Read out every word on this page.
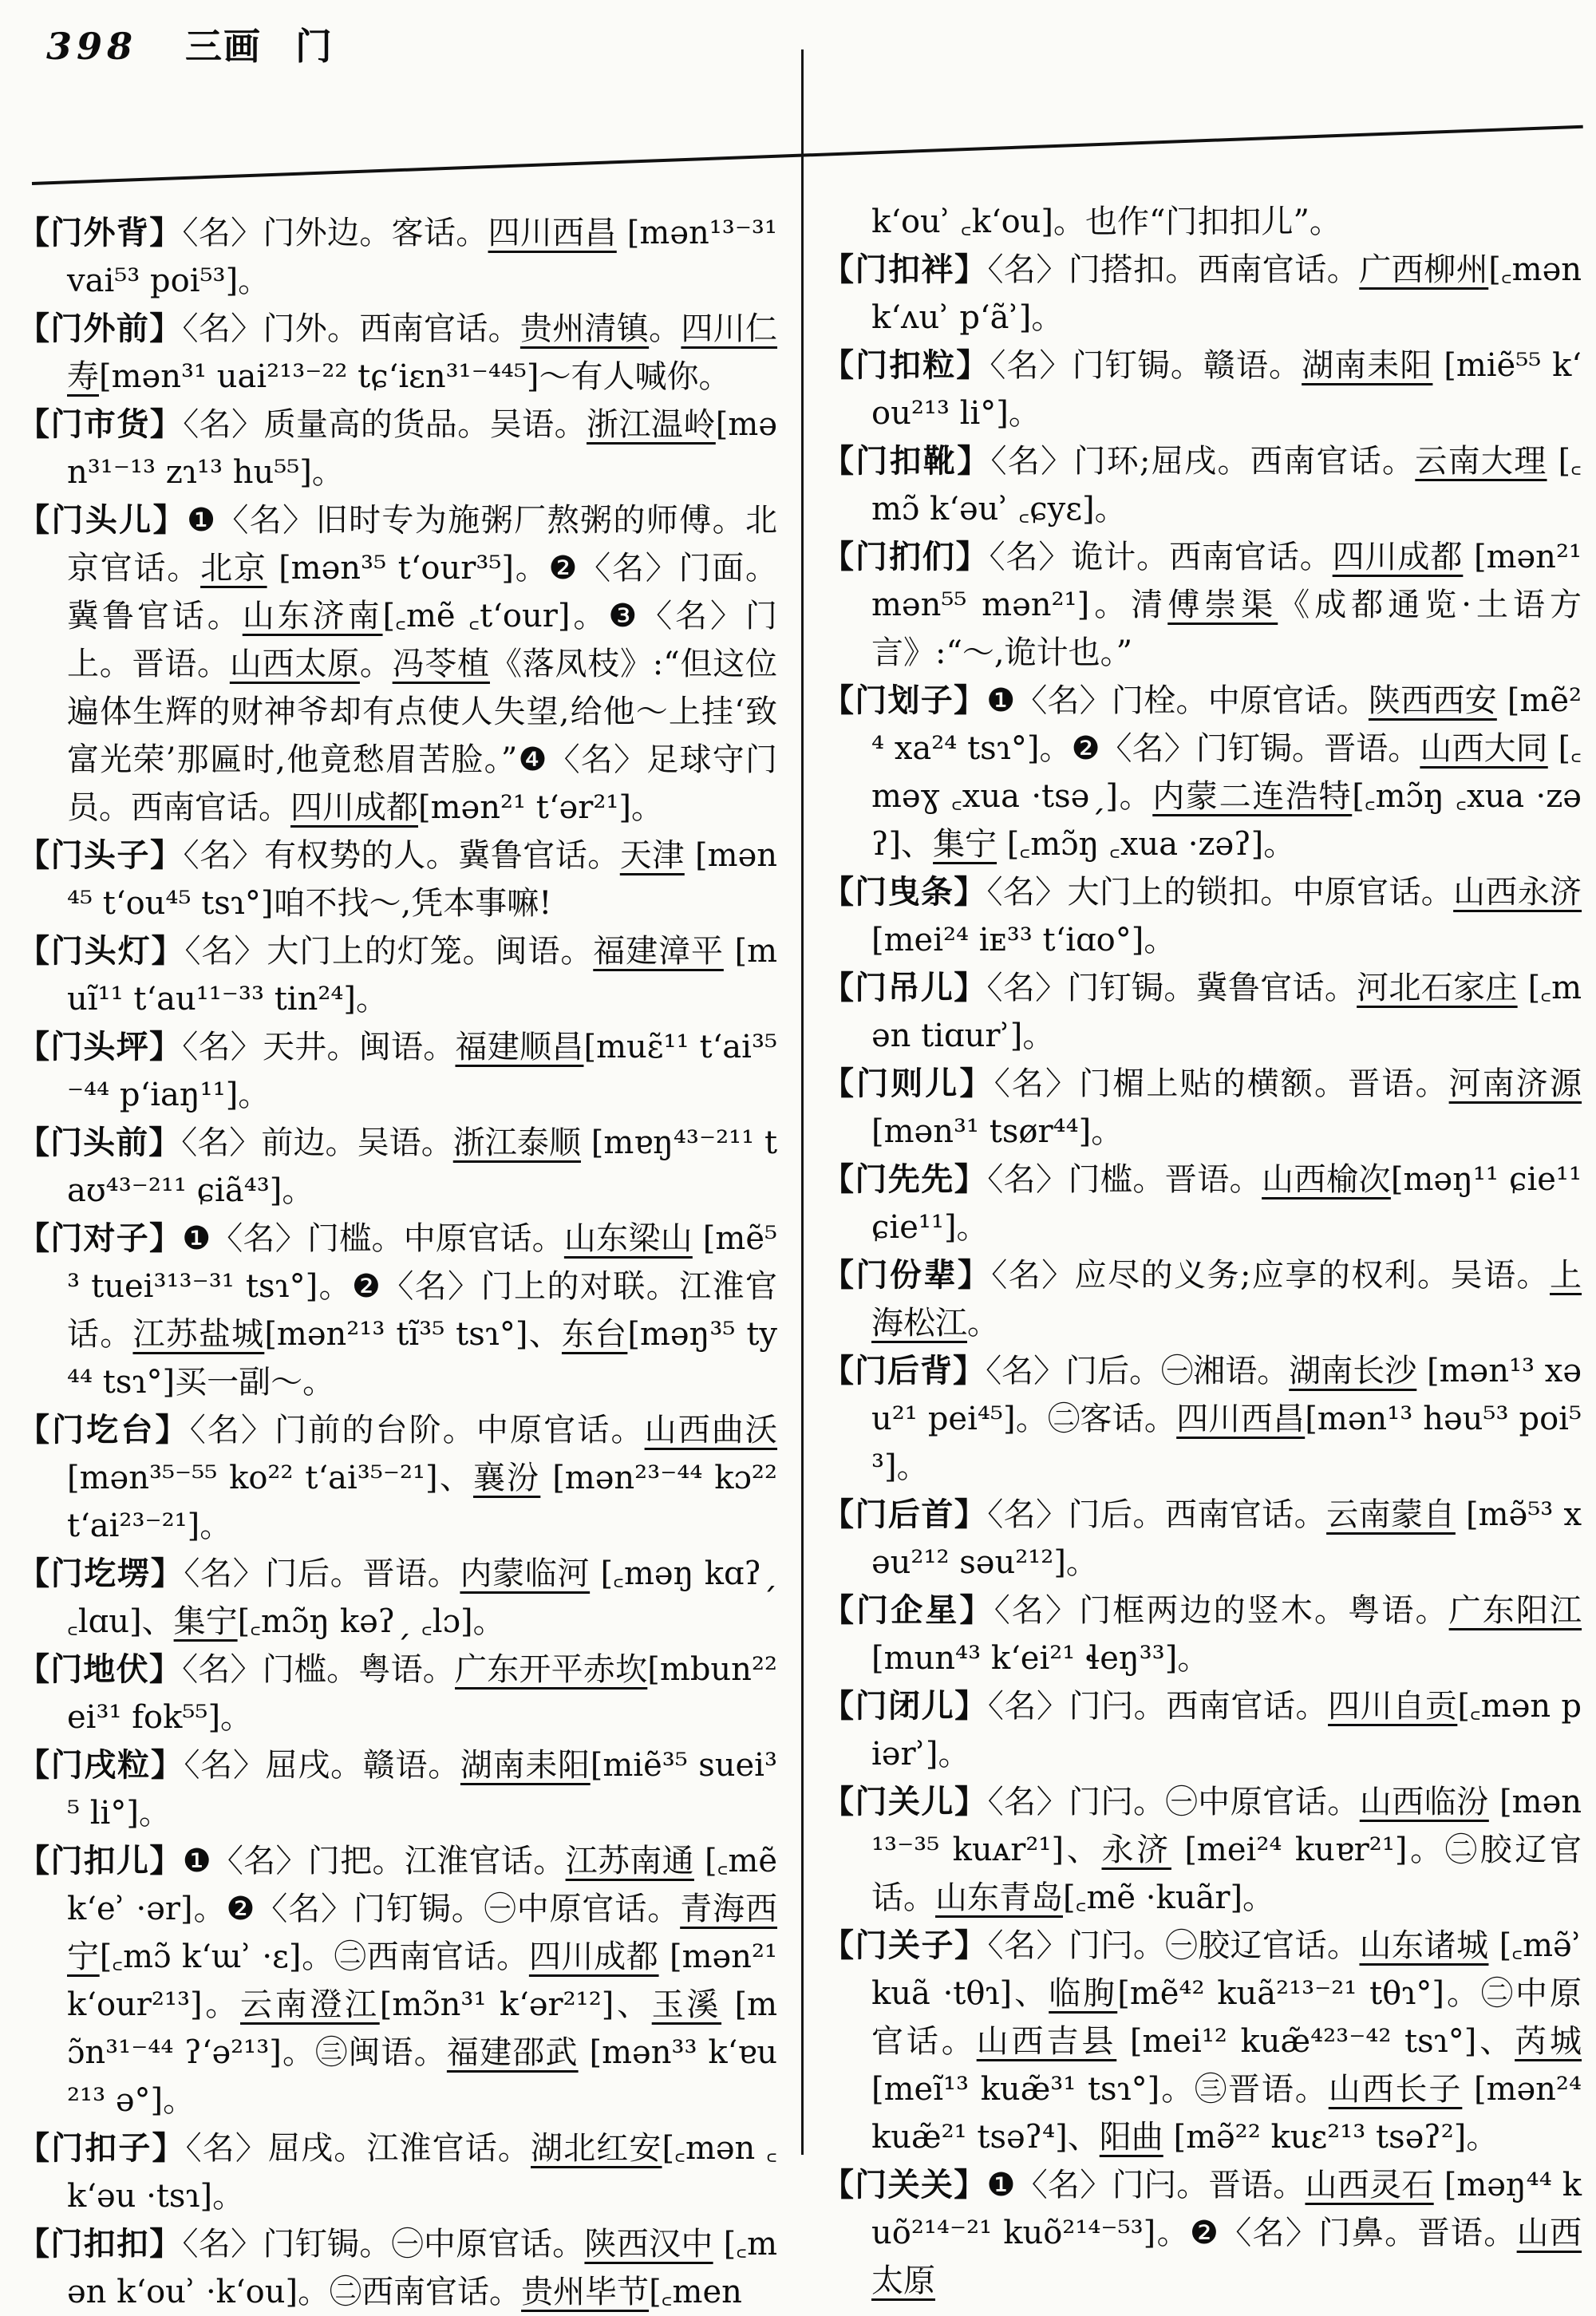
398 三画 门

【门外背】〈名〉门外边。客话。四川西昌 [mən¹³⁻³¹ vai⁵³ poi⁵³]。

【门外前】〈名〉门外。西南官话。贵州清镇。四川仁寿[mən³¹ uai²¹³⁻²² tɕʻiɛn³¹⁻⁴⁴⁵]～有人喊你。

【门市货】〈名〉质量高的货品。吴语。浙江温岭[mən³¹⁻¹³ zɿ¹³ hu⁵⁵]。

【门头儿】❶〈名〉旧时专为施粥厂熬粥的师傅。北京官话。北京 [mən³⁵ tʻour³⁵]。❷〈名〉门面。冀鲁官话。山东济南[꜀mẽ ꜀tʻour]。❸〈名〉门上。晋语。山西太原。冯苓植《落凤枝》:“但这位遍体生辉的财神爷却有点使人失望,给他～上挂‘致富光荣’那匾时,他竟愁眉苦脸。”❹〈名〉足球守门员。西南官话。四川成都[mən²¹ tʻər²¹]。

【门头子】〈名〉有权势的人。冀鲁官话。天津 [mən⁴⁵ tʻou⁴⁵ tsɿ°]咱不找～,凭本事嘛!

【门头灯】〈名〉大门上的灯笼。闽语。福建漳平 [muĩ¹¹ tʻau¹¹⁻³³ tin²⁴]。

【门头坪】〈名〉天井。闽语。福建顺昌[muɛ̃¹¹ tʻai³⁵⁻⁴⁴ pʻiaŋ¹¹]。

【门头前】〈名〉前边。吴语。浙江泰顺 [mɐŋ⁴³⁻²¹¹ taʊ⁴³⁻²¹¹ ɕiã⁴³]。

【门对子】❶〈名〉门槛。中原官话。山东梁山 [mẽ⁵³ tuei³¹³⁻³¹ tsɿ°]。❷〈名〉门上的对联。江淮官话。江苏盐城[mən²¹³ tĩ³⁵ tsɿ°]、东台[məŋ³⁵ ty⁴⁴ tsɿ°]买一副～。

【门圪台】〈名〉门前的台阶。中原官话。山西曲沃[mən³⁵⁻⁵⁵ ko²² tʻai³⁵⁻²¹]、襄汾 [mən²³⁻⁴⁴ kɔ²² tʻai²³⁻²¹]。

【门圪塄】〈名〉门后。晋语。内蒙临河 [꜀məŋ kɑʔˏ ꜀lɑu]、集宁[꜀mɔ̃ŋ kəʔˏ ꜀lɔ]。

【门地伏】〈名〉门槛。粤语。广东开平赤坎[mbun²² ei³¹ fok⁵⁵]。

【门戌粒】〈名〉屈戌。赣语。湖南耒阳[miẽ³⁵ suei³⁵ li°]。

【门扣儿】❶〈名〉门把。江淮官话。江苏南通 [꜀mẽ kʻeʾ ·ər]。❷〈名〉门钉锔。㊀中原官话。青海西宁[꜀mɔ̃ kʻɯʾ ·ɛ]。㊁西南官话。四川成都 [mən²¹ kʻour²¹³]。云南澄江[mɔ̃n³¹ kʻər²¹²]、玉溪 [mɔ̃n³¹⁻⁴⁴ ʔʻə²¹³]。㊂闽语。福建邵武 [mən³³ kʻɐu²¹³ ə°]。

【门扣子】〈名〉屈戌。江淮官话。湖北红安[꜀mən ꜀kʻəu ·tsɿ]。

【门扣扣】〈名〉门钉锔。㊀中原官话。陕西汉中 [꜀mən kʻouʾ ·kʻou]。㊁西南官话。贵州毕节[꜀men

kʻouʾ ꜀kʻou]。也作“门扣扣儿”。

【门扣袢】〈名〉门搭扣。西南官话。广西柳州[꜀mən kʻʌuʾ pʻãʾ]。

【门扣粒】〈名〉门钉锔。赣语。湖南耒阳 [miẽ⁵⁵ kʻou²¹³ li°]。

【门扣靴】〈名〉门环;屈戌。西南官话。云南大理 [꜀mɔ̃ kʻəuʾ ꜀ɕyɛ]。

【门扪们】〈名〉诡计。西南官话。四川成都 [mən²¹ mən⁵⁵ mən²¹]。清傅崇渠《成都通览·土语方言》:“～,诡计也。”

【门划子】❶〈名〉门栓。中原官话。陕西西安 [mẽ²⁴ xa²⁴ tsɿ°]。❷〈名〉门钉锔。晋语。山西大同 [꜀məɣ ꜀xua ·tsəˏ]。内蒙二连浩特[꜀mɔ̃ŋ ꜀xua ·zəʔ]、集宁 [꜀mɔ̃ŋ ꜀xua ·zəʔ]。

【门曳条】〈名〉大门上的锁扣。中原官话。山西永济 [mei²⁴ iᴇ³³ tʻiɑo°]。

【门吊儿】〈名〉门钉锔。冀鲁官话。河北石家庄 [꜀mən tiɑurʾ]。

【门则儿】〈名〉门楣上贴的横额。晋语。河南济源 [mən³¹ tsør⁴⁴]。

【门先先】〈名〉门槛。晋语。山西榆次[məŋ¹¹ ɕie¹¹ ɕie¹¹]。

【门份辈】〈名〉应尽的义务;应享的权利。吴语。上海松江。

【门后背】〈名〉门后。㊀湘语。湖南长沙 [mən¹³ xəu²¹ pei⁴⁵]。㊁客话。四川西昌[mən¹³ həu⁵³ poi⁵³]。

【门后首】〈名〉门后。西南官话。云南蒙自 [mə̃⁵³ xəu²¹² səu²¹²]。

【门企星】〈名〉门框两边的竖木。粤语。广东阳江 [mun⁴³ kʻei²¹ ɬeŋ³³]。

【门闭儿】〈名〉门闩。西南官话。四川自贡[꜀mən piərʾ]。

【门关儿】〈名〉门闩。㊀中原官话。山西临汾 [mən¹³⁻³⁵ kuᴀr²¹]、永济 [mei²⁴ kuɐr²¹]。㊁胶辽官话。山东青岛[꜀mẽ ·kuãr]。

【门关子】〈名〉门闩。㊀胶辽官话。山东诸城 [꜀mə̃ʾ kuã ·tθɿ]、临朐[mẽ⁴² kuã²¹³⁻²¹ tθɿ°]。㊁中原官话。山西吉县 [mei¹² kuæ̃⁴²³⁻⁴² tsɿ°]、芮城[meĩ¹³ kuæ̃³¹ tsɿ°]。㊂晋语。山西长子 [mən²⁴ kuæ̃²¹ tsəʔ⁴]、阳曲 [mə̃²² kuɛ²¹³ tsəʔ²]。

【门关关】❶〈名〉门闩。晋语。山西灵石 [məŋ⁴⁴ kuõ²¹⁴⁻²¹ kuõ²¹⁴⁻⁵³]。❷〈名〉门鼻。晋语。山西太原
